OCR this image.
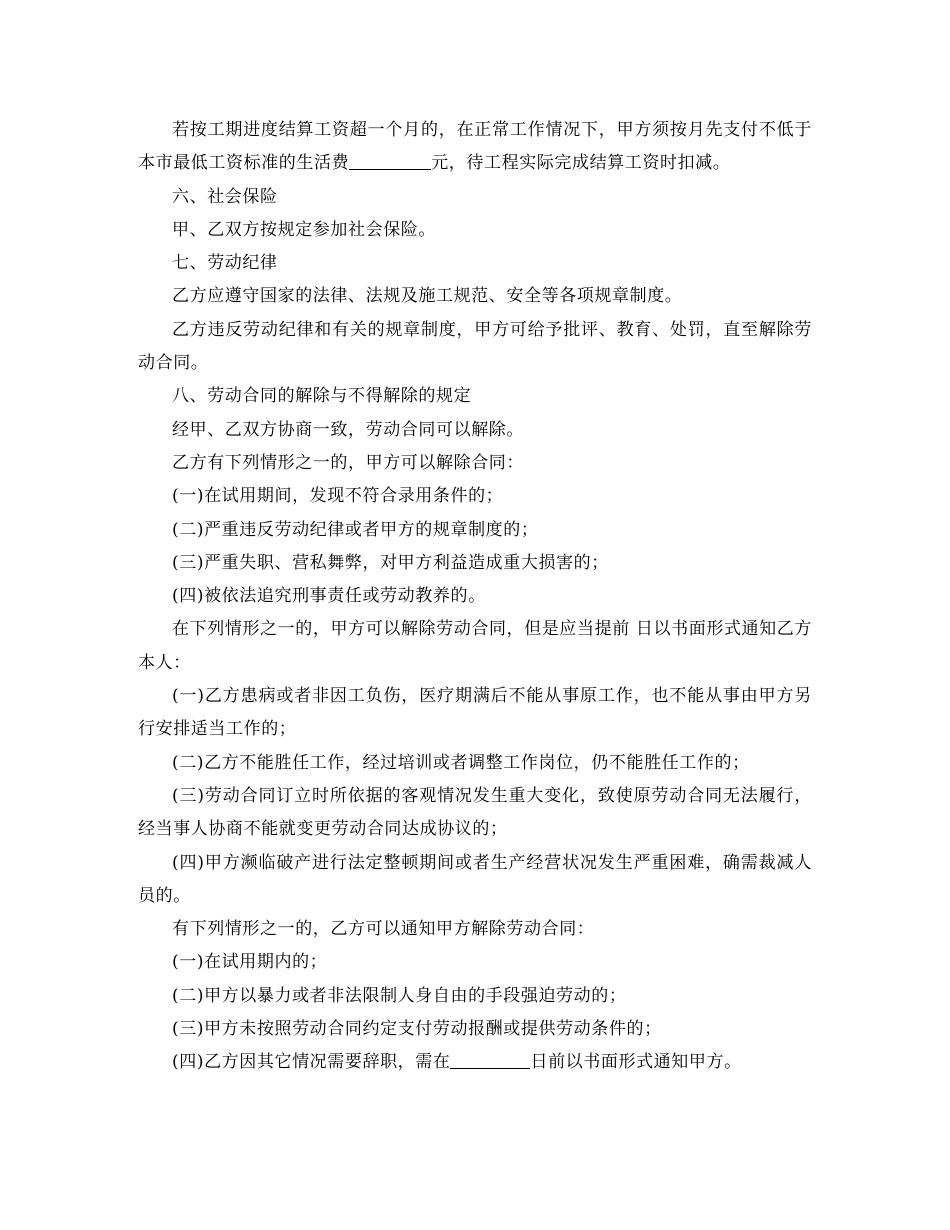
若按工期进度结算工资超一个月的，在正常工作情况下，甲方须按月先支付不低于本市最低工资标准的生活费	元，待工程实际完成结算工资时扣减。

六、社会保险

甲、乙双方按规定参加社会保险。

七、劳动纪律

乙方应遵守国家的法律、法规及施工规范、安全等各项规章制度。

乙方违反劳动纪律和有关的规章制度，甲方可给予批评、教育、处罚，直至解除劳动合同。

八、劳动合同的解除与不得解除的规定

经甲、乙双方协商一致，劳动合同可以解除。

乙方有下列情形之一的，甲方可以解除合同：

(一)在试用期间，发现不符合录用条件的；

(二)严重违反劳动纪律或者甲方的规章制度的；

(三)严重失职、营私舞弊，对甲方利益造成重大损害的；

(四)被依法追究刑事责任或劳动教养的。

在下列情形之一的，甲方可以解除劳动合同，但是应当提前 日以书面形式通知乙方本人：

(一)乙方患病或者非因工负伤，医疗期满后不能从事原工作，也不能从事由甲方另行安排适当工作的；

(二)乙方不能胜任工作，经过培训或者调整工作岗位，仍不能胜任工作的；

(三)劳动合同订立时所依据的客观情况发生重大变化，致使原劳动合同无法履行，经当事人协商不能就变更劳动合同达成协议的；

(四)甲方濒临破产进行法定整顿期间或者生产经营状况发生严重困难，确需裁减人员的。

有下列情形之一的，乙方可以通知甲方解除劳动合同：

(一)在试用期内的；

(二)甲方以暴力或者非法限制人身自由的手段强迫劳动的；

(三)甲方未按照劳动合同约定支付劳动报酬或提供劳动条件的；

(四)乙方因其它情况需要辞职，需在	日前以书面形式通知甲方。
